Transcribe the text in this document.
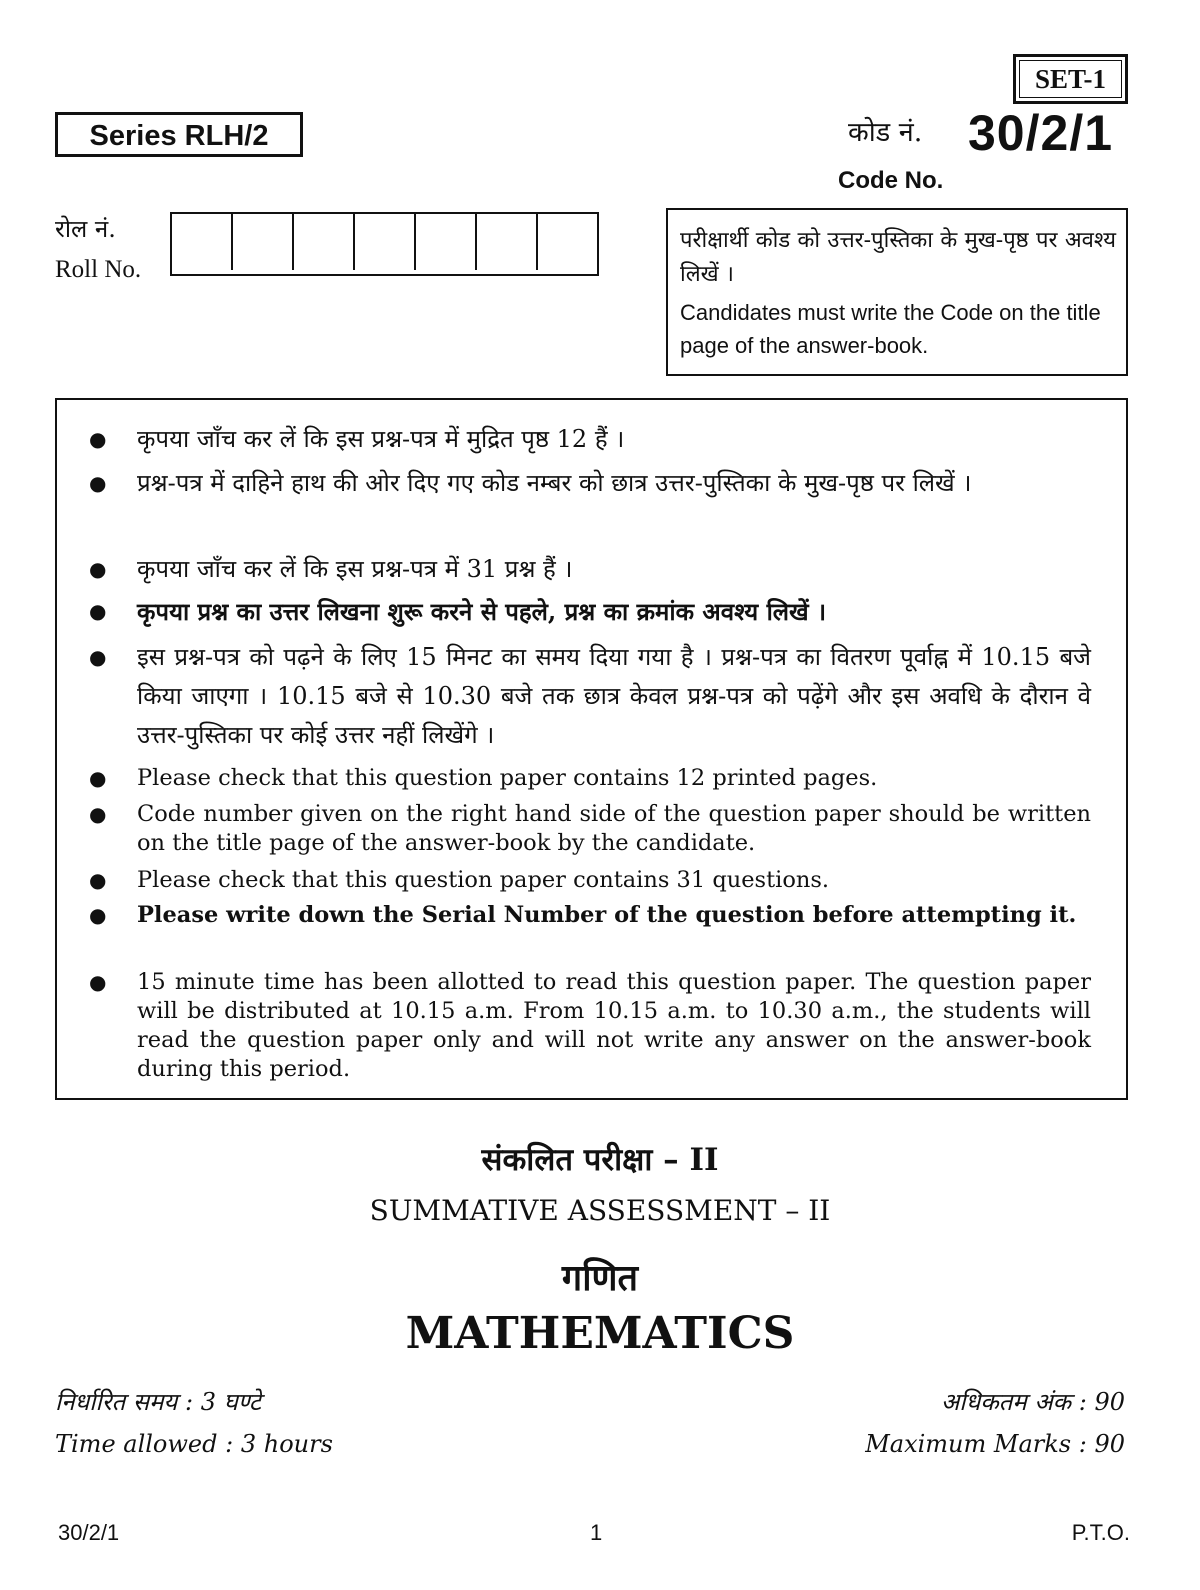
SET-1
Series RLH/2	कोड नं. 30/2/1
Code No.
रोल नं.
Roll No.
परीक्षार्थी कोड को उत्तर-पुस्तिका के मुख-पृष्ठ पर अवश्य लिखें ।
Candidates must write the Code on the title page of the answer-book.
● कृपया जाँच कर लें कि इस प्रश्न-पत्र में मुद्रित पृष्ठ 12 हैं ।
● प्रश्न-पत्र में दाहिने हाथ की ओर दिए गए कोड नम्बर को छात्र उत्तर-पुस्तिका के मुख-पृष्ठ पर लिखें ।
● कृपया जाँच कर लें कि इस प्रश्न-पत्र में 31 प्रश्न हैं ।
● कृपया प्रश्न का उत्तर लिखना शुरू करने से पहले, प्रश्न का क्रमांक अवश्य लिखें ।
● इस प्रश्न-पत्र को पढ़ने के लिए 15 मिनट का समय दिया गया है । प्रश्न-पत्र का वितरण पूर्वाह्न में 10.15 बजे किया जाएगा । 10.15 बजे से 10.30 बजे तक छात्र केवल प्रश्न-पत्र को पढ़ेंगे और इस अवधि के दौरान वे उत्तर-पुस्तिका पर कोई उत्तर नहीं लिखेंगे ।
● Please check that this question paper contains 12 printed pages.
● Code number given on the right hand side of the question paper should be written on the title page of the answer-book by the candidate.
● Please check that this question paper contains 31 questions.
● Please write down the Serial Number of the question before attempting it.
● 15 minute time has been allotted to read this question paper. The question paper will be distributed at 10.15 a.m. From 10.15 a.m. to 10.30 a.m., the students will read the question paper only and will not write any answer on the answer-book during this period.
संकलित परीक्षा – II
SUMMATIVE ASSESSMENT – II
गणित
MATHEMATICS
निर्धारित समय : 3 घण्टे
Time allowed : 3 hours
अधिकतम अंक : 90
Maximum Marks : 90
30/2/1	1	P.T.O.
